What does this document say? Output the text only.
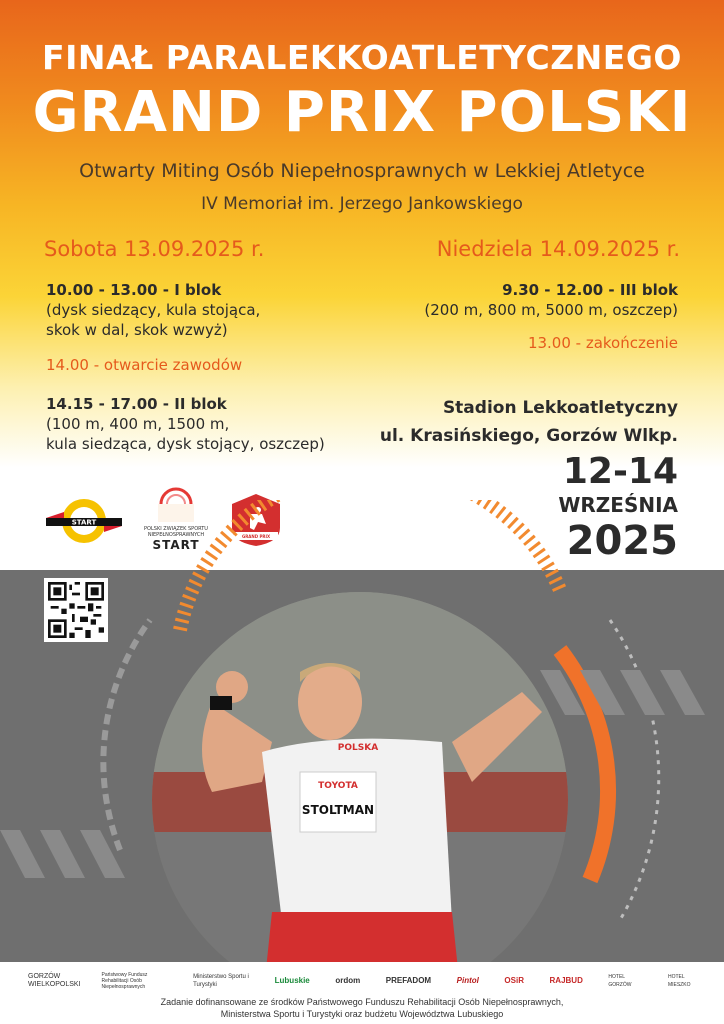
FINAŁ PARALEKKOATLETYCZNEGO
GRAND PRIX POLSKI
Otwarty Miting Osób Niepełnosprawnych w Lekkiej Atletyce
IV Memoriał im. Jerzego Jankowskiego
Sobota 13.09.2025 r.	Niedziela 14.09.2025 r.
10.00 - 13.00 - I blok
(dysk siedzący, kula stojąca,
skok w dal, skok wzwyż)
14.00 - otwarcie zawodów
14.15 - 17.00 - II blok
(100 m, 400 m, 1500 m,
kula siedząca, dysk stojący, oszczep)
9.30 - 12.00 - III blok
(200 m, 800 m, 5000 m, oszczep)
13.00 - zakończenie
Stadion Lekkoatletyczny
ul. Krasińskiego, Gorzów Wlkp.
12-14
WRZEŚNIA
2025
START
POLSKI ZWIĄZEK SPORTU
NIEPEŁNOSPRAWNYCH
START
GRAND PRIX
TOYOTA
STOLTMAN
POLSKA
GORZÓW WIELKOPOLSKI
Państwowy Fundusz Rehabilitacji Osób Niepełnosprawnych
Ministerstwo Sportu i Turystyki	Lubuskie	ordom	PREFADOM	Pintol	OSiR	RAJBUD	HOTEL GORZÓW
HOTEL MIESZKO
Zadanie dofinansowane ze środków Państwowego Funduszu Rehabilitacji Osób Niepełnosprawnych,
Ministerstwa Sportu i Turystyki oraz budżetu Województwa Lubuskiego
